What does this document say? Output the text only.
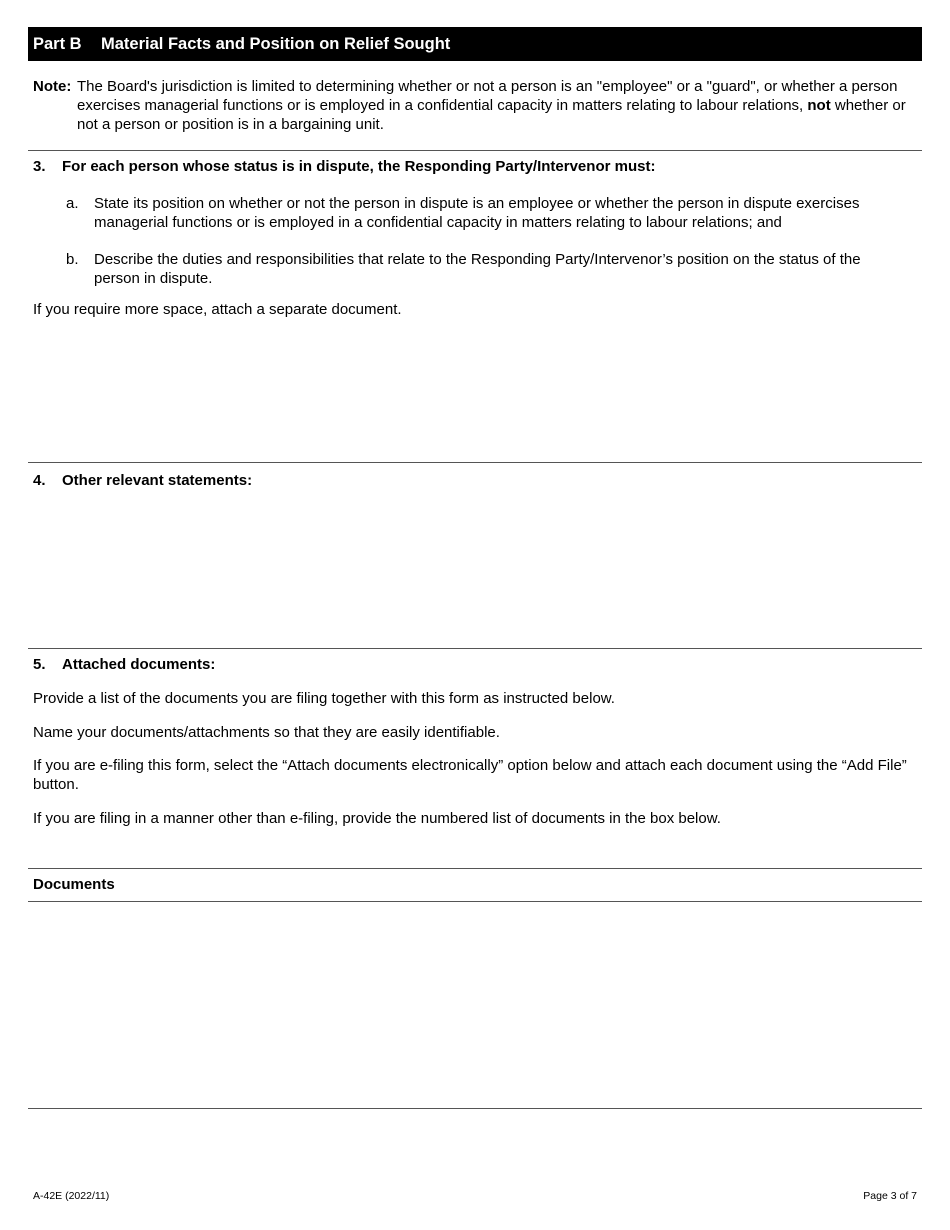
Part B Material Facts and Position on Relief Sought
Note: The Board's jurisdiction is limited to determining whether or not a person is an "employee" or a "guard", or whether a person exercises managerial functions or is employed in a confidential capacity in matters relating to labour relations, not whether or not a person or position is in a bargaining unit.
3. For each person whose status is in dispute, the Responding Party/Intervenor must:
a. State its position on whether or not the person in dispute is an employee or whether the person in dispute exercises managerial functions or is employed in a confidential capacity in matters relating to labour relations; and
b. Describe the duties and responsibilities that relate to the Responding Party/Intervenor’s position on the status of the person in dispute.
If you require more space, attach a separate document.
4. Other relevant statements:
5. Attached documents:
Provide a list of the documents you are filing together with this form as instructed below.
Name your documents/attachments so that they are easily identifiable.
If you are e-filing this form, select the “Attach documents electronically” option below and attach each document using the “Add File” button.
If you are filing in a manner other than e-filing, provide the numbered list of documents in the box below.
Documents
A-42E (2022/11)	Page 3 of 7
